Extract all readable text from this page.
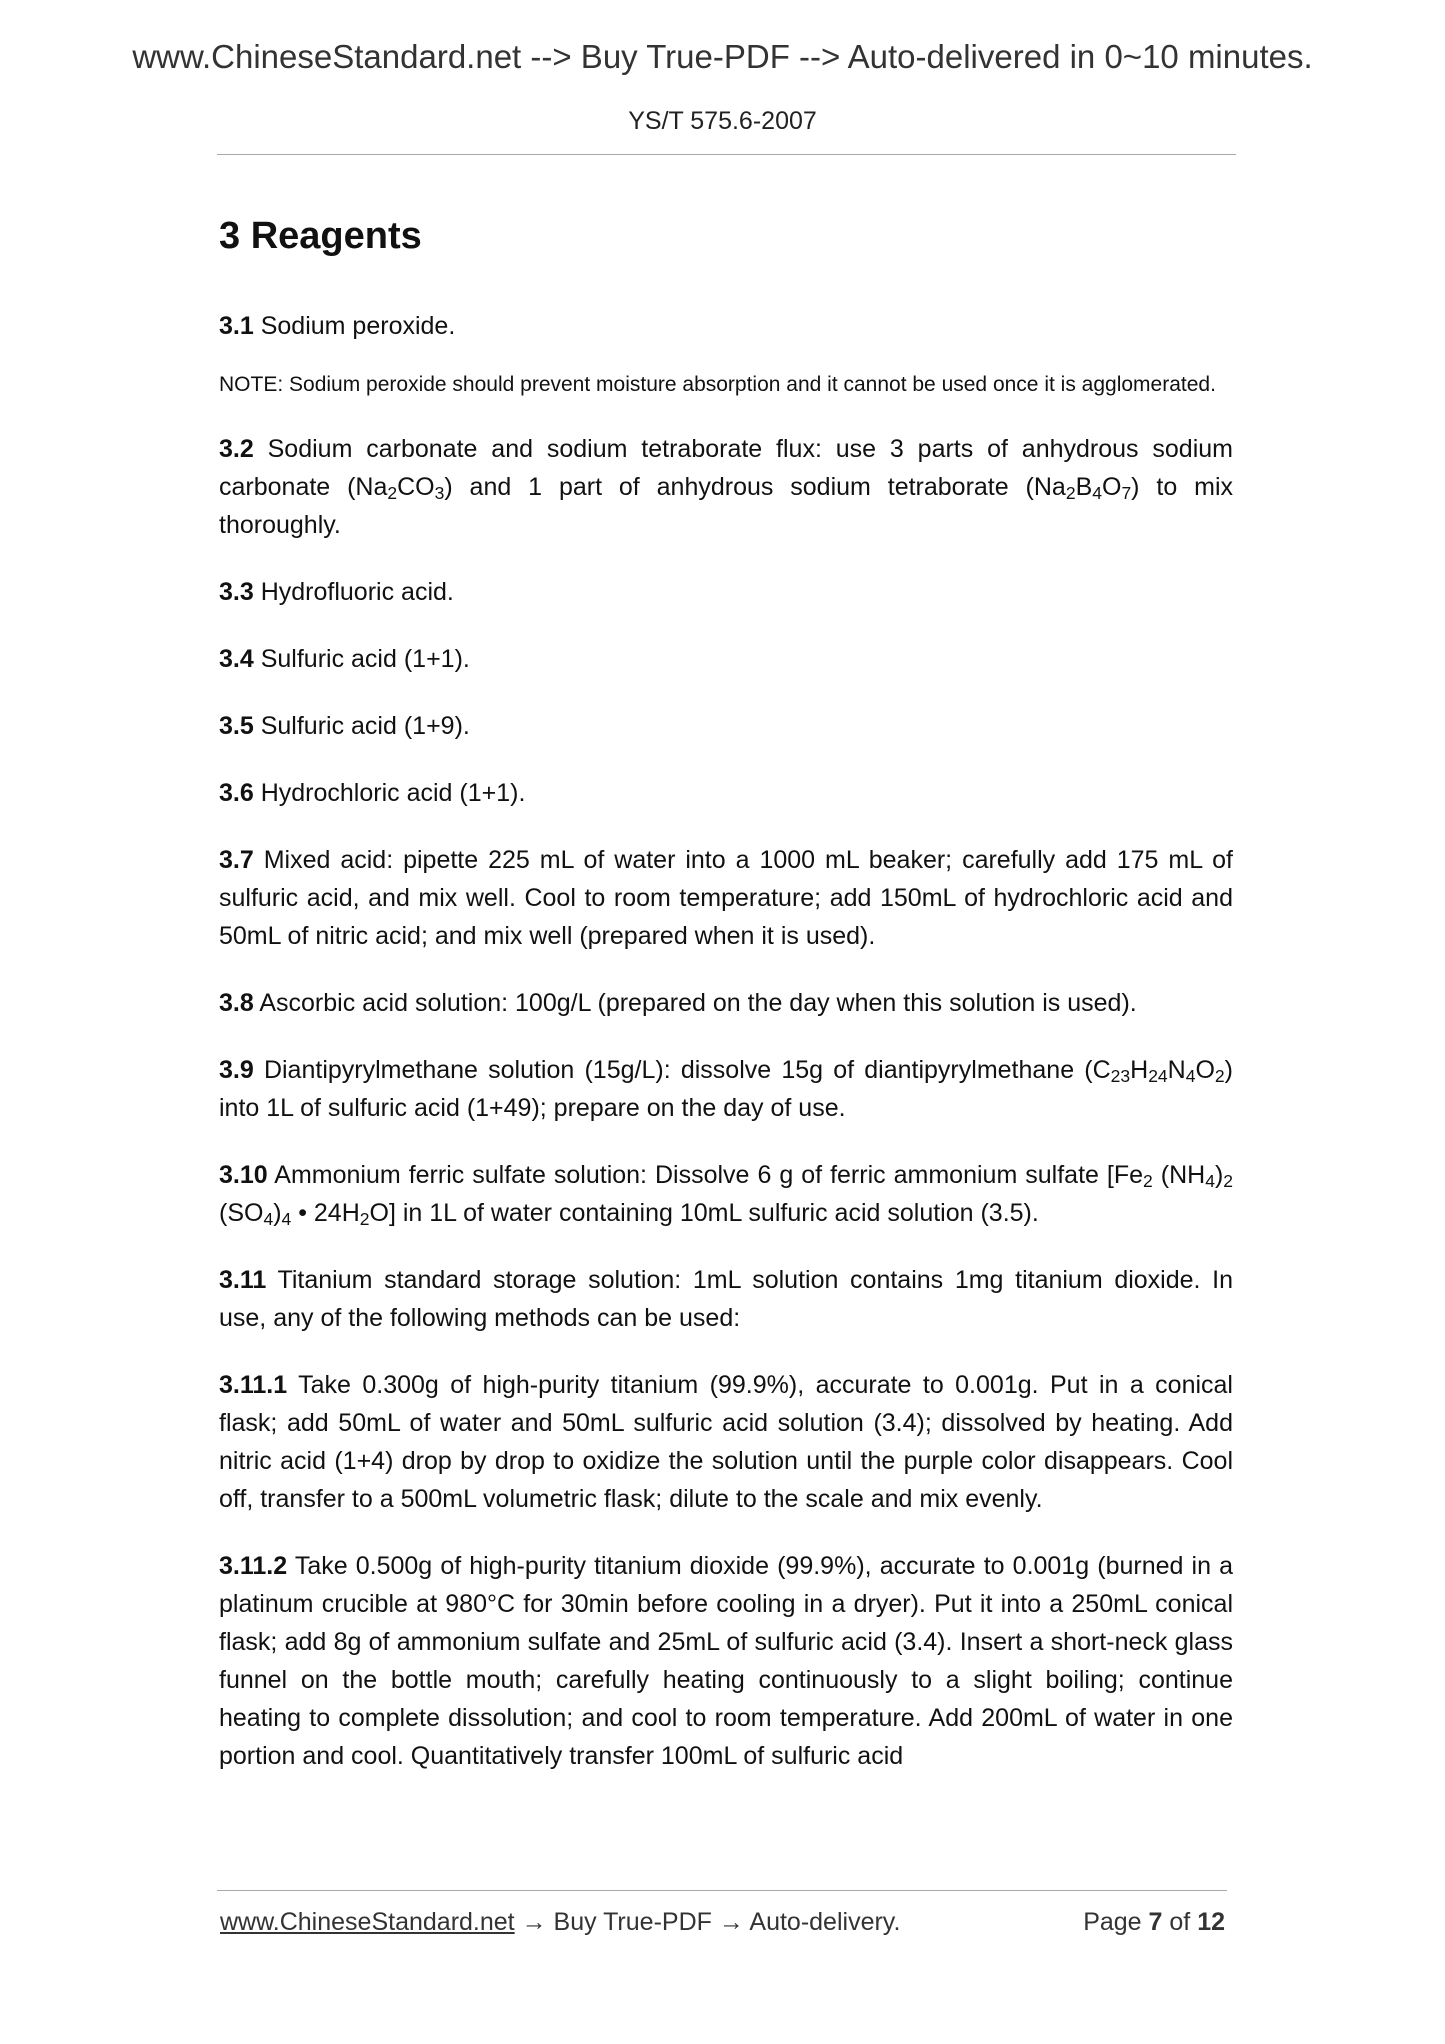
www.ChineseStandard.net --> Buy True-PDF --> Auto-delivered in 0~10 minutes.
YS/T 575.6-2007
3 Reagents

3.1 Sodium peroxide.

NOTE: Sodium peroxide should prevent moisture absorption and it cannot be used once it is agglomerated.

3.2 Sodium carbonate and sodium tetraborate flux: use 3 parts of anhydrous sodium carbonate $(Na_2CO_3)$ and 1 part of anhydrous sodium tetraborate $(Na_2B_4O_7)$ to mix thoroughly.

3.3 Hydrofluoric acid.

3.4 Sulfuric acid (1+1).

3.5 Sulfuric acid (1+9).

3.6 Hydrochloric acid (1+1).

3.7 Mixed acid: pipette 225 mL of water into a 1000 mL beaker; carefully add 175 mL of sulfuric acid, and mix well. Cool to room temperature; add 150mL of hydrochloric acid and 50mL of nitric acid; and mix well (prepared when it is used).

3.8 Ascorbic acid solution: 100g/L (prepared on the day when this solution is used).

3.9 Diantipyrylmethane solution (15g/L): dissolve 15g of diantipyrylmethane $(C_{23}H_{24}N_4O_2)$ into 1L of sulfuric acid (1+49); prepare on the day of use.

3.10 Ammonium ferric sulfate solution: Dissolve 6 g of ferric ammonium sulfate [$Fe_2$ $(NH_4)_2$ $(SO_4)_4$ • $24H_2O$] in 1L of water containing 10mL sulfuric acid solution (3.5).

3.11 Titanium standard storage solution: 1mL solution contains 1mg titanium dioxide. In use, any of the following methods can be used:

3.11.1 Take 0.300g of high-purity titanium (99.9%), accurate to 0.001g. Put in a conical flask; add 50mL of water and 50mL sulfuric acid solution (3.4); dissolved by heating. Add nitric acid (1+4) drop by drop to oxidize the solution until the purple color disappears. Cool off, transfer to a 500mL volumetric flask; dilute to the scale and mix evenly.

3.11.2 Take 0.500g of high-purity titanium dioxide (99.9%), accurate to 0.001g (burned in a platinum crucible at 980°C for 30min before cooling in a dryer). Put it into a 250mL conical flask; add 8g of ammonium sulfate and 25mL of sulfuric acid (3.4). Insert a short-neck glass funnel on the bottle mouth; carefully heating continuously to a slight boiling; continue heating to complete dissolution; and cool to room temperature. Add 200mL of water in one portion and cool. Quantitatively transfer 100mL of sulfuric acid

www.ChineseStandard.net → Buy True-PDF → Auto-delivery.	Page 7 of 12
